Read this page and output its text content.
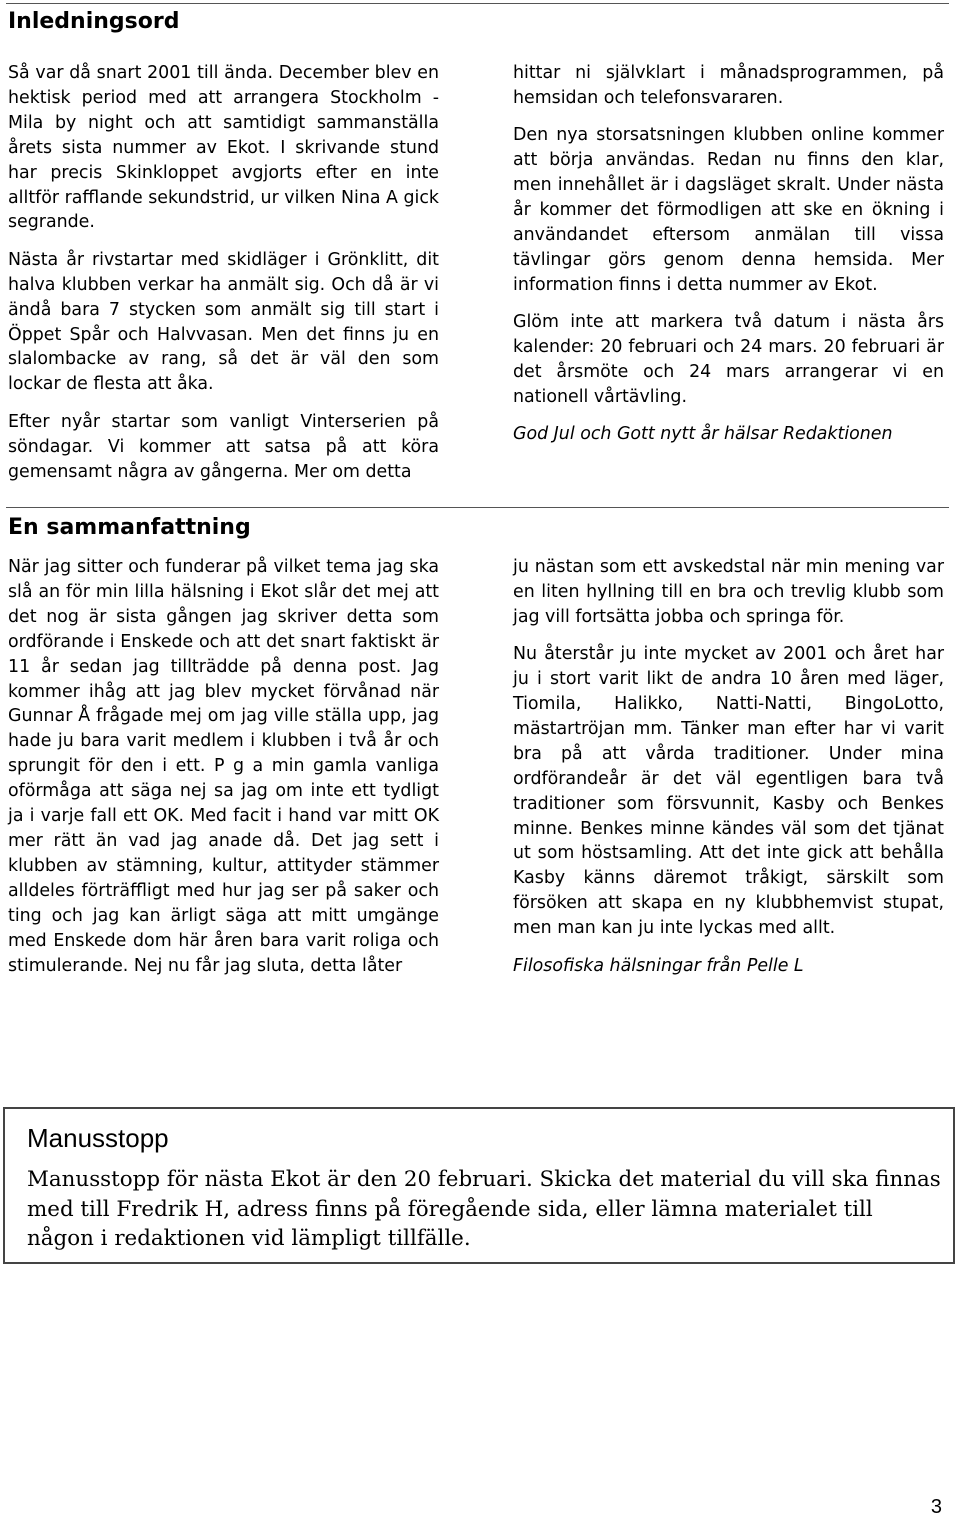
Inledningsord

Så var då snart 2001 till ända. December blev en hektisk period med att arrangera Stockholm - Mila by night och att samtidigt sammanställa årets sista nummer av Ekot. I skrivande stund har precis Skinkloppet avgjorts efter en inte alltför rafflande sekundstrid, ur vilken Nina A gick segrande.

Nästa år rivstartar med skidläger i Grönklitt, dit halva klubben verkar ha anmält sig. Och då är vi ändå bara 7 stycken som anmält sig till start i Öppet Spår och Halvvasan. Men det finns ju en slalombacke av rang, så det är väl den som lockar de flesta att åka.

Efter nyår startar som vanligt Vinterserien på söndagar. Vi kommer att satsa på att köra gemensamt några av gångerna. Mer om detta

hittar ni självklart i månadsprogrammen, på hemsidan och telefonsvararen.

Den nya storsatsningen klubben online kommer att börja användas. Redan nu finns den klar, men innehållet är i dagsläget skralt. Under nästa år kommer det förmodligen att ske en ökning i användandet eftersom anmälan till vissa tävlingar görs genom denna hemsida. Mer information finns i detta nummer av Ekot.

Glöm inte att markera två datum i nästa års kalender: 20 februari och 24 mars. 20 februari är det årsmöte och 24 mars arrangerar vi en nationell vårtävling.

God Jul och Gott nytt år hälsar Redaktionen

En sammanfattning

När jag sitter och funderar på vilket tema jag ska slå an för min lilla hälsning i Ekot slår det mej att det nog är sista gången jag skriver detta som ordförande i Enskede och att det snart faktiskt är 11 år sedan jag tillträdde på denna post. Jag kommer ihåg att jag blev mycket förvånad när Gunnar Å frågade mej om jag ville ställa upp, jag hade ju bara varit medlem i klubben i två år och sprungit för den i ett. P g a min gamla vanliga oförmåga att säga nej sa jag om inte ett tydligt ja i varje fall ett OK. Med facit i hand var mitt OK mer rätt än vad jag anade då. Det jag sett i klubben av stämning, kultur, attityder stämmer alldeles förträffligt med hur jag ser på saker och ting och jag kan ärligt säga att mitt umgänge med Enskede dom här åren bara varit roliga och stimulerande. Nej nu får jag sluta, detta låter

ju nästan som ett avskedstal när min mening var en liten hyllning till en bra och trevlig klubb som jag vill fortsätta jobba och springa för.

Nu återstår ju inte mycket av 2001 och året har ju i stort varit likt de andra 10 åren med läger, Tiomila, Halikko, Natti-Natti, BingoLotto, mästartröjan mm. Tänker man efter har vi varit bra på att vårda traditioner. Under mina ordförandeår är det väl egentligen bara två traditioner som försvunnit, Kasby och Benkes minne. Benkes minne kändes väl som det tjänat ut som höstsamling. Att det inte gick att behålla Kasby känns däremot tråkigt, särskilt som försöken att skapa en ny klubbhemvist stupat, men man kan ju inte lyckas med allt.

Filosofiska hälsningar från Pelle L

Manusstopp

Manusstopp för nästa Ekot är den 20 februari. Skicka det material du vill ska finnas med till Fredrik H, adress finns på föregående sida, eller lämna materialet till någon i redaktionen vid lämpligt tillfälle.

3
